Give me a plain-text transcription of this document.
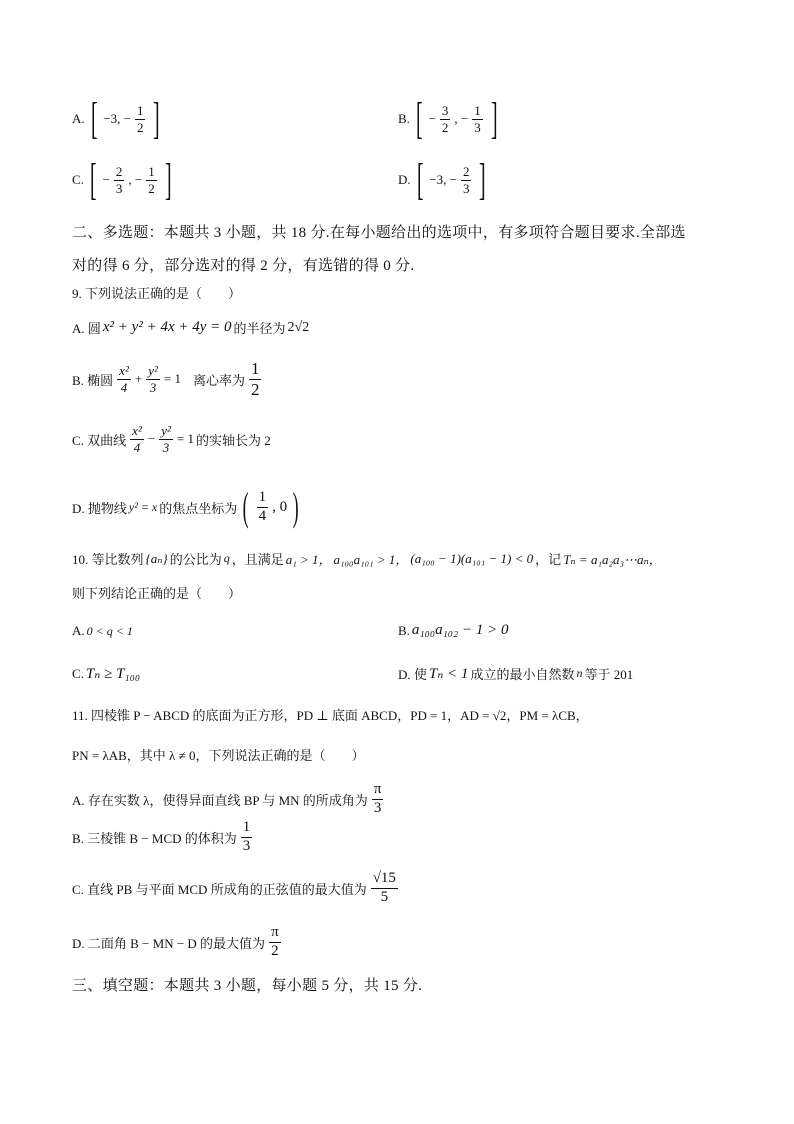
A. [ −3, − $\frac{1}{2}$ ]	B. [ − $\frac{3}{2}$ , − $\frac{1}{3}$ ]
C. [ − $\frac{2}{3}$ , − $\frac{1}{2}$ ]	D. [ −3, − $\frac{2}{3}$ ]
二、多选题：本题共 3 小题，共 18 分.在每小题给出的选项中，有多项符合题目要求.全部选
对的得 6 分，部分选对的得 2 分，有选错的得 0 分.
9. 下列说法正确的是（　　）
A. 圆 x² + y² + 4x + 4y = 0 的半径为 2√2
B. 椭圆 $\frac{\text{x²}}{4} + \frac{\text{y²}}{3} = 1$ 离心率为 $\frac{1}{2}$
C. 双曲线 $\frac{\text{x²}}{4} - \frac{\text{y²}}{3} = 1$ 的实轴长为 2
D. 抛物线 y² = x 的焦点坐标为 ( $\frac{1}{4}$ , 0 )
10. 等比数列 {aₙ} 的公比为 q ，且满足 a₁ > 1， a₁₀₀a₁₀₁ > 1， (a₁₀₀ − 1)(a₁₀₁ − 1) < 0 ，记 Tₙ = a₁a₂a₃⋯aₙ，
则下列结论正确的是（　　）
A. 0 < q < 1	B. a₁₀₀a₁₀₂ − 1 > 0
C. Tₙ ≥ T₁₀₀	D. 使 Tₙ < 1 成立的最小自然数 n 等于 201
11. 四棱锥 P − ABCD 的底面为正方形，PD ⊥ 底面 ABCD，PD = 1，AD = √2，PM = λCB，
PN = λAB，其中 λ ≠ 0，下列说法正确的是（　　）
A. 存在实数 λ，使得异面直线 BP 与 MN 的所成角为 $\frac{\pi}{3}$
B. 三棱锥 B − MCD 的体积为 $\frac{1}{3}$
C. 直线 PB 与平面 MCD 所成角的正弦值的最大值为 $\frac{√15}{5}$
D. 二面角 B − MN − D 的最大值为 $\frac{\pi}{2}$
三、填空题：本题共 3 小题，每小题 5 分，共 15 分.
